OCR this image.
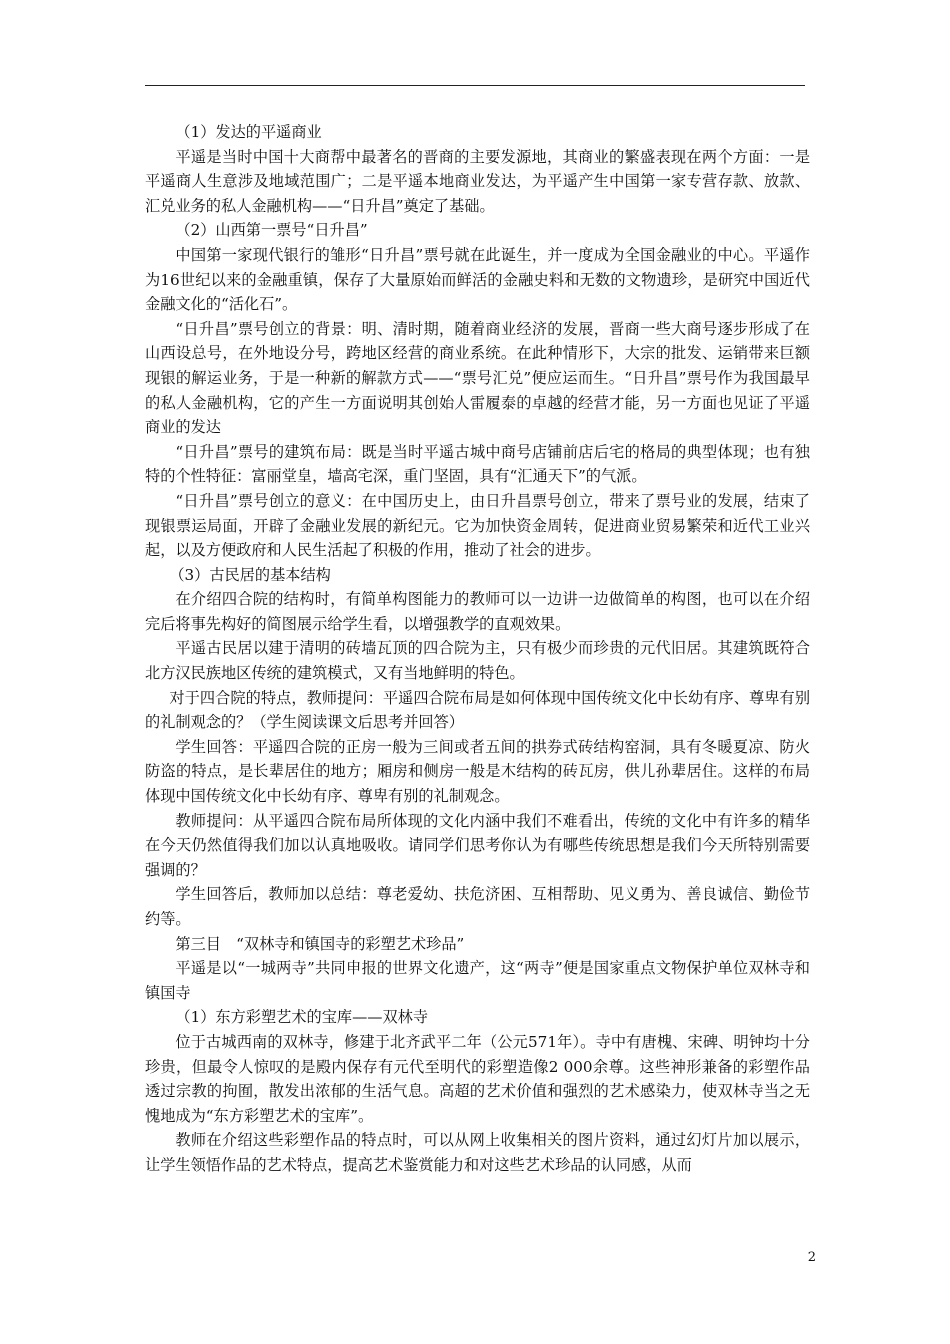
（1）发达的平遥商业

平遥是当时中国十大商帮中最著名的晋商的主要发源地，其商业的繁盛表现在两个方面：一是平遥商人生意涉及地域范围广；二是平遥本地商业发达，为平遥产生中国第一家专营存款、放款、汇兑业务的私人金融机构——“日升昌”奠定了基础。

（2）山西第一票号“日升昌”

中国第一家现代银行的雏形“日升昌”票号就在此诞生，并一度成为全国金融业的中心。平遥作为16世纪以来的金融重镇，保存了大量原始而鲜活的金融史料和无数的文物遗珍，是研究中国近代金融文化的“活化石”。

“日升昌”票号创立的背景：明、清时期，随着商业经济的发展，晋商一些大商号逐步形成了在山西设总号，在外地设分号，跨地区经营的商业系统。在此种情形下，大宗的批发、运销带来巨额现银的解运业务，于是一种新的解款方式——“票号汇兑”便应运而生。“日升昌”票号作为我国最早的私人金融机构，它的产生一方面说明其创始人雷履泰的卓越的经营才能，另一方面也见证了平遥商业的发达

“日升昌”票号的建筑布局：既是当时平遥古城中商号店铺前店后宅的格局的典型体现；也有独特的个性特征：富丽堂皇，墙高宅深，重门坚固，具有“汇通天下”的气派。

“日升昌”票号创立的意义：在中国历史上，由日升昌票号创立，带来了票号业的发展，结束了现银票运局面，开辟了金融业发展的新纪元。它为加快资金周转，促进商业贸易繁荣和近代工业兴起，以及方便政府和人民生活起了积极的作用，推动了社会的进步。

（3）古民居的基本结构

在介绍四合院的结构时，有简单构图能力的教师可以一边讲一边做简单的构图，也可以在介绍完后将事先构好的简图展示给学生看，以增强教学的直观效果。

平遥古民居以建于清明的砖墙瓦顶的四合院为主，只有极少而珍贵的元代旧居。其建筑既符合北方汉民族地区传统的建筑模式，又有当地鲜明的特色。

对于四合院的特点，教师提问：平遥四合院布局是如何体现中国传统文化中长幼有序、尊卑有别的礼制观念的？（学生阅读课文后思考并回答）

学生回答：平遥四合院的正房一般为三间或者五间的拱券式砖结构窑洞，具有冬暖夏凉、防火防盗的特点，是长辈居住的地方；厢房和侧房一般是木结构的砖瓦房，供儿孙辈居住。这样的布局体现中国传统文化中长幼有序、尊卑有别的礼制观念。

教师提问：从平遥四合院布局所体现的文化内涵中我们不难看出，传统的文化中有许多的精华在今天仍然值得我们加以认真地吸收。请同学们思考你认为有哪些传统思想是我们今天所特别需要强调的？

学生回答后，教师加以总结：尊老爱幼、扶危济困、互相帮助、见义勇为、善良诚信、勤俭节约等。

第三目　“双林寺和镇国寺的彩塑艺术珍品”

平遥是以“一城两寺”共同申报的世界文化遗产，这“两寺”便是国家重点文物保护单位双林寺和镇国寺

（1）东方彩塑艺术的宝库——双林寺

位于古城西南的双林寺，修建于北齐武平二年（公元571年）。寺中有唐槐、宋碑、明钟均十分珍贵，但最令人惊叹的是殿内保存有元代至明代的彩塑造像2 000余尊。这些神形兼备的彩塑作品透过宗教的拘囿，散发出浓郁的生活气息。高超的艺术价值和强烈的艺术感染力，使双林寺当之无愧地成为“东方彩塑艺术的宝库”。

教师在介绍这些彩塑作品的特点时，可以从网上收集相关的图片资料，通过幻灯片加以展示，让学生领悟作品的艺术特点，提高艺术鉴赏能力和对这些艺术珍品的认同感，从而

2
